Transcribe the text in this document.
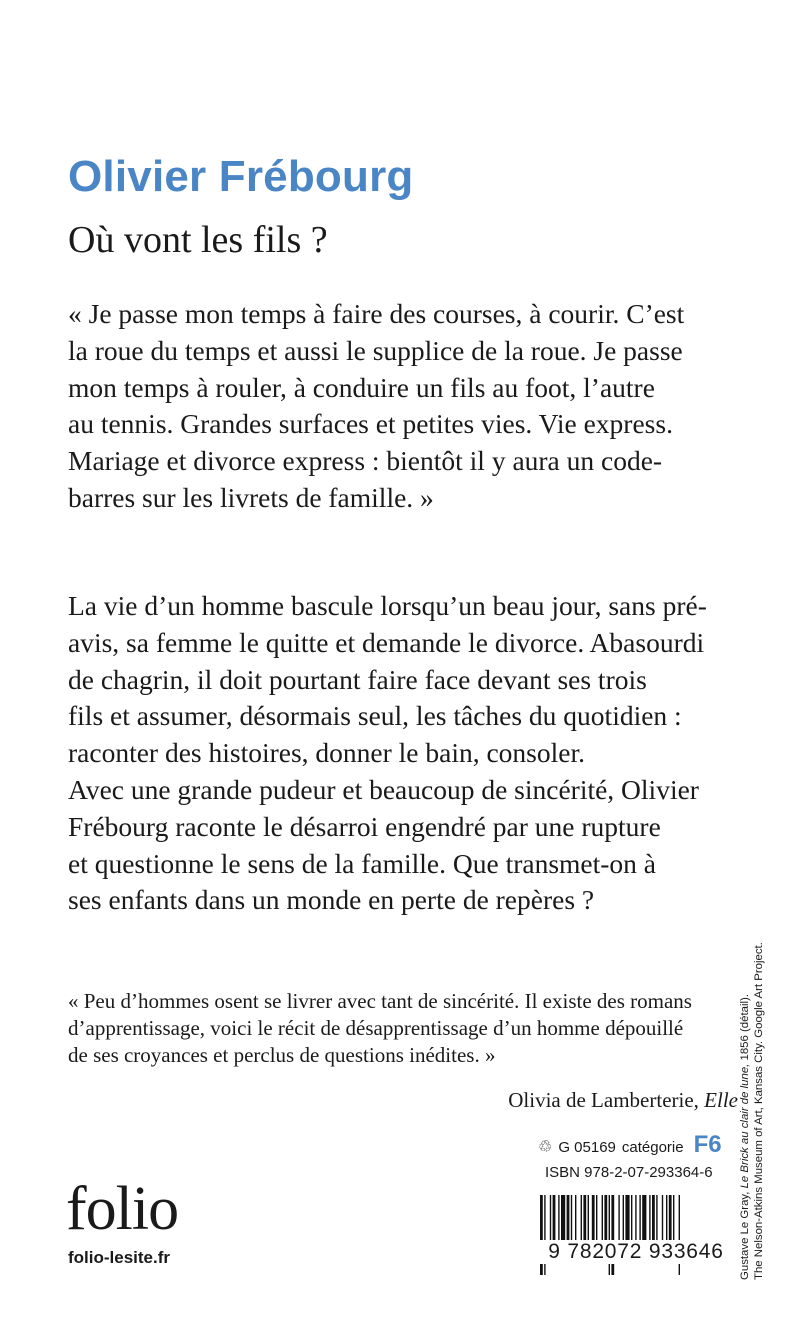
Olivier Frébourg
Où vont les fils ?
« Je passe mon temps à faire des courses, à courir. C’est
la roue du temps et aussi le supplice de la roue. Je passe
mon temps à rouler, à conduire un fils au foot, l’autre
au tennis. Grandes surfaces et petites vies. Vie express.
Mariage et divorce express : bientôt il y aura un code-
barres sur les livrets de famille. »
La vie d’un homme bascule lorsqu’un beau jour, sans pré-
avis, sa femme le quitte et demande le divorce. Abasourdi
de chagrin, il doit pourtant faire face devant ses trois
fils et assumer, désormais seul, les tâches du quotidien :
raconter des histoires, donner le bain, consoler.
Avec une grande pudeur et beaucoup de sincérité, Olivier
Frébourg raconte le désarroi engendré par une rupture
et questionne le sens de la famille. Que transmet-on à
ses enfants dans un monde en perte de repères ?
« Peu d’hommes osent se livrer avec tant de sincérité. Il existe des romans
d’apprentissage, voici le récit de désapprentissage d’un homme dépouillé
de ses croyances et perclus de questions inédites. »
Olivia de Lamberterie, Elle
♲ G 05169 catégorie F6
ISBN 978-2-07-293364-6
9 782072 933646
folio
folio-lesite.fr	Gustave Le Gray, Le Brick au clair de lune, 1856 (détail). The Nelson-Atkins Museum of Art, Kansas City. Google Art Project.
